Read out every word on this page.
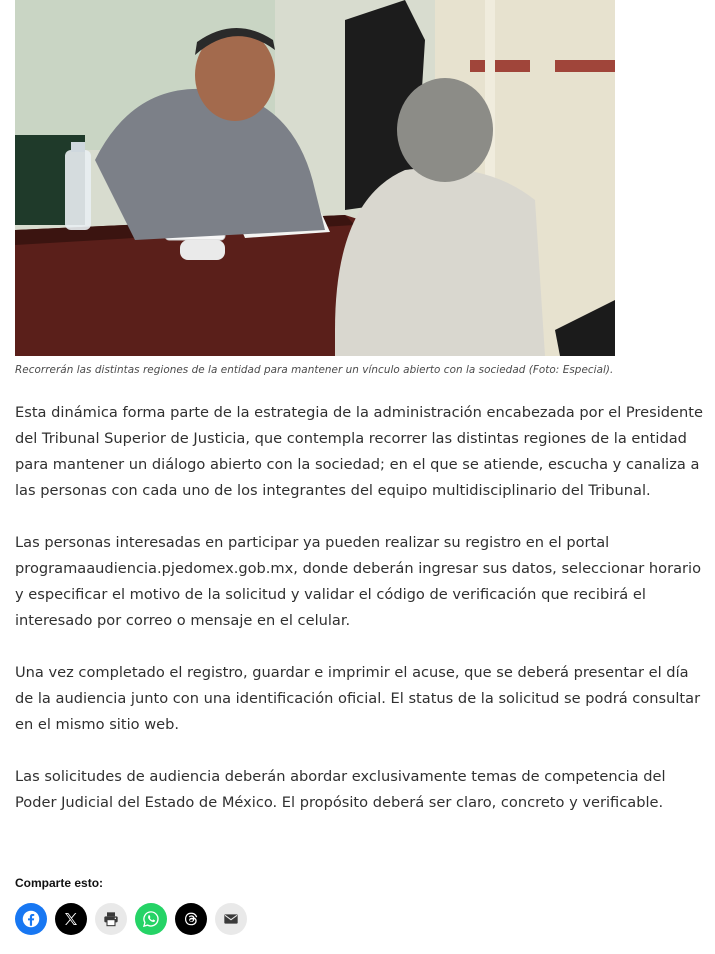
Recorrerán las distintas regiones de la entidad para mantener un vínculo abierto con la sociedad (Foto: Especial).

Esta dinámica forma parte de la estrategia de la administración encabezada por el Presidente del Tribunal Superior de Justicia, que contempla recorrer las distintas regiones de la entidad para mantener un diálogo abierto con la sociedad; en el que se atiende, escucha y canaliza a las personas con cada uno de los integrantes del equipo multidisciplinario del Tribunal.

Las personas interesadas en participar ya pueden realizar su registro en el portal programaaudiencia.pjedomex.gob.mx, donde deberán ingresar sus datos, seleccionar horario y especificar el motivo de la solicitud y validar el código de verificación que recibirá el interesado por correo o mensaje en el celular.

Una vez completado el registro, guardar e imprimir el acuse, que se deberá presentar el día de la audiencia junto con una identificación oficial. El status de la solicitud se podrá consultar en el mismo sitio web.

Las solicitudes de audiencia deberán abordar exclusivamente temas de competencia del Poder Judicial del Estado de México. El propósito deberá ser claro, concreto y verificable.

Comparte esto:
